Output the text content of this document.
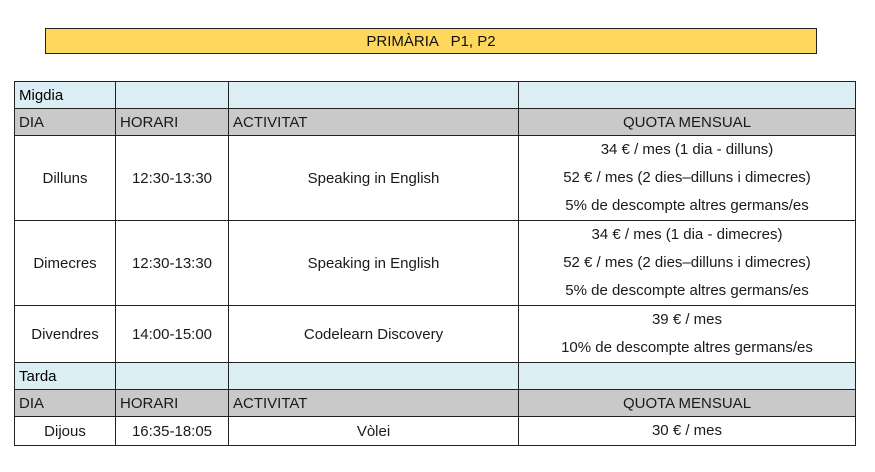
PRIMÀRIA   P1, P2
Migdia			
DIA	HORARI	ACTIVITAT	QUOTA MENSUAL
Dilluns	12:30-13:30	Speaking in English	34 € / mes (1 dia - dilluns)
52 € / mes (2 dies–dilluns i dimecres)
5% de descompte altres germans/es

Dimecres	12:30-13:30	Speaking in English	34 € / mes (1 dia - dimecres)
52 € / mes (2 dies–dilluns i dimecres)
5% de descompte altres germans/es

Divendres	14:00-15:00	Codelearn Discovery	39 € / mes
10% de descompte altres germans/es

Tarda			
DIA	HORARI	ACTIVITAT	QUOTA MENSUAL
Dijous	16:35-18:05	Vòlei	30 € / mes
